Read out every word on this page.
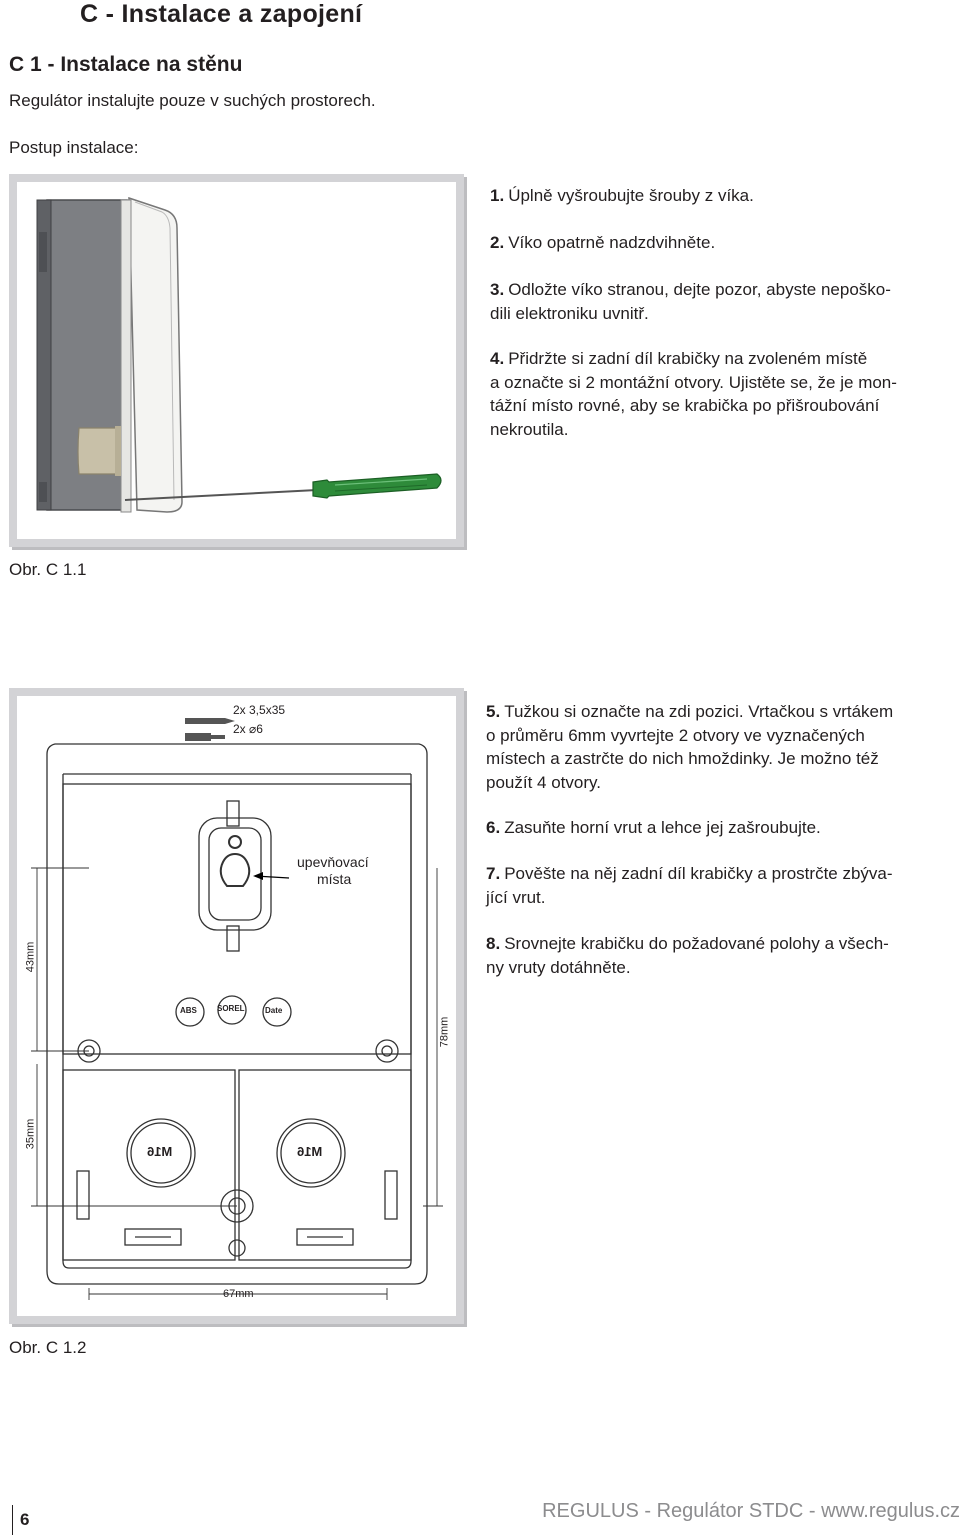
C - Instalace a zapojení
C 1 - Instalace na stěnu
Regulátor instalujte pouze v suchých prostorech.
Postup instalace:
1. Úplně vyšroubujte šrouby z víka.
2. Víko opatrně nadzdvihněte.
3. Odložte víko stranou, dejte pozor, abyste nepoško-
dili elektroniku uvnitř.
4. Přidržte si zadní díl krabičky na zvoleném místě
a označte si 2 montážní otvory. Ujistěte se, že je mon-
tážní místo rovné, aby se krabička po přišroubování
nekroutila.
Obr. C 1.1
2x 3,5x35
2x ⌀6
upevňovací
místa
43mm
35mm
78mm
67mm
ABS	SOREL	Date
M16	M16
5. Tužkou si označte na zdi pozici. Vrtačkou s vrtákem
o průměru 6mm vyvrtejte 2 otvory ve vyznačených
místech a zastrčte do nich hmoždinky. Je možno též
použít 4 otvory.
6. Zasuňte horní vrut a lehce jej zašroubujte.
7. Pověšte na něj zadní díl krabičky a prostrčte zbýva-
jící vrut.
8. Srovnejte krabičku do požadované polohy a všech-
ny vruty dotáhněte.
Obr. C 1.2
6	REGULUS - Regulátor STDC - www.regulus.cz
